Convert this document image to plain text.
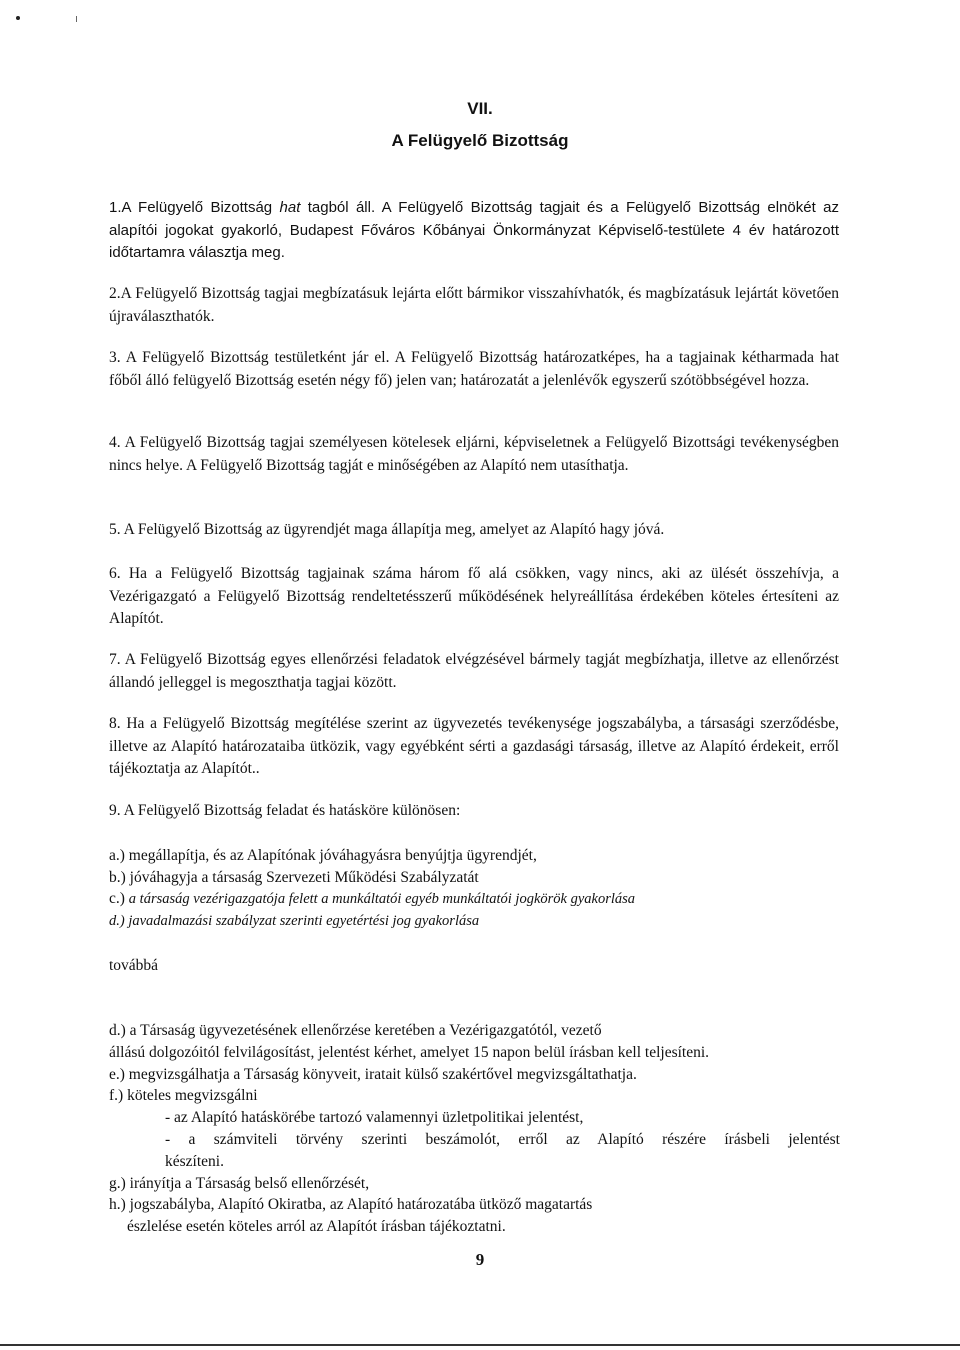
VII.
A Felügyelő Bizottság
1.A Felügyelő Bizottság hat tagból áll. A Felügyelő Bizottság tagjait és a Felügyelő Bizottság elnökét az alapítói jogokat gyakorló, Budapest Főváros Kőbányai Önkormányzat Képviselő-testülete 4 év határozott időtartamra választja meg.
2.A Felügyelő Bizottság tagjai megbízatásuk lejárta előtt bármikor visszahívhatók, és magbízatásuk lejártát követően újraválaszthatók.
3. A Felügyelő Bizottság testületként jár el. A Felügyelő Bizottság határozatképes, ha a tagjainak kétharmada hat főből álló felügyelő Bizottság esetén négy fő) jelen van; határozatát a jelenlévők egyszerű szótöbbségével hozza.
4. A Felügyelő Bizottság tagjai személyesen kötelesek eljárni, képviseletnek a Felügyelő Bizottsági tevékenységben nincs helye. A Felügyelő Bizottság tagját e minőségében az Alapító nem utasíthatja.
5. A Felügyelő Bizottság az ügyrendjét maga állapítja meg, amelyet az Alapító hagy jóvá.
6. Ha a Felügyelő Bizottság tagjainak száma három fő alá csökken, vagy nincs, aki az ülését összehívja, a Vezérigazgató a Felügyelő Bizottság rendeltetésszerű működésének helyreállítása érdekében köteles értesíteni az Alapítót.
7. A Felügyelő Bizottság egyes ellenőrzési feladatok elvégzésével bármely tagját megbízhatja, illetve az ellenőrzést állandó jelleggel is megoszthatja tagjai között.
8. Ha a Felügyelő Bizottság megítélése szerint az ügyvezetés tevékenysége jogszabályba, a társasági szerződésbe, illetve az Alapító határozataiba ütközik, vagy egyébként sérti a gazdasági társaság, illetve az Alapító érdekeit, erről tájékoztatja az Alapítót..
9. A Felügyelő Bizottság feladat és hatásköre különösen:
a.) megállapítja, és az Alapítónak jóváhagyásra benyújtja ügyrendjét,
b.) jóváhagyja a társaság Szervezeti Működési Szabályzatát
c.) a társaság vezérigazgatója felett a munkáltatói egyéb munkáltatói jogkörök gyakorlása
d.) javadalmazási szabályzat szerinti egyetértési jog gyakorlása
továbbá
d.) a Társaság ügyvezetésének ellenőrzése keretében a Vezérigazgatótól, vezető
állású dolgozóitól felvilágosítást, jelentést kérhet, amelyet 15 napon belül írásban kell teljesíteni.
e.) megvizsgálhatja a Társaság könyveit, iratait külső szakértővel megvizsgáltathatja.
f.) köteles megvizsgálni
- az Alapító hatáskörébe tartozó valamennyi üzletpolitikai jelentést,
- a számviteli törvény szerinti beszámolót, erről az Alapító részére írásbeli jelentést
készíteni.
g.) irányítja a Társaság belső ellenőrzését,
h.) jogszabályba, Alapító Okiratba, az Alapító határozatába ütköző magatartás
észlelése esetén köteles arról az Alapítót írásban tájékoztatni.
9
